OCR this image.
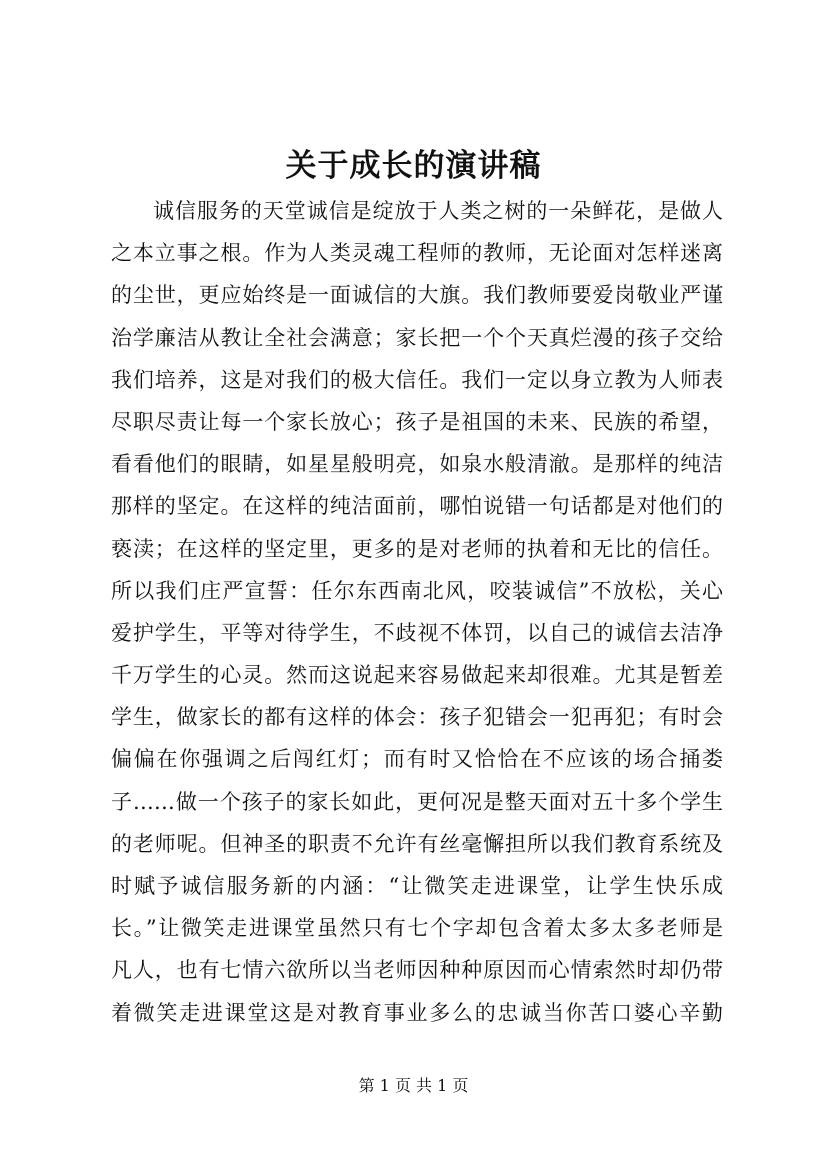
关于成长的演讲稿
诚信服务的天堂诚信是绽放于人类之树的一朵鲜花，是做人
之本立事之根。作为人类灵魂工程师的教师，无论面对怎样迷离
的尘世，更应始终是一面诚信的大旗。我们教师要爱岗敬业严谨
治学廉洁从教让全社会满意；家长把一个个天真烂漫的孩子交给
我们培养，这是对我们的极大信任。我们一定以身立教为人师表
尽职尽责让每一个家长放心；孩子是祖国的未来、民族的希望，
看看他们的眼睛，如星星般明亮，如泉水般清澈。是那样的纯洁
那样的坚定。在这样的纯洁面前，哪怕说错一句话都是对他们的
亵渎；在这样的坚定里，更多的是对老师的执着和无比的信任。
所以我们庄严宣誓：任尔东西南北风，咬装诚信”不放松，关心
爱护学生，平等对待学生，不歧视不体罚，以自己的诚信去洁净
千万学生的心灵。然而这说起来容易做起来却很难。尤其是暂差
学生，做家长的都有这样的体会：孩子犯错会一犯再犯；有时会
偏偏在你强调之后闯红灯；而有时又恰恰在不应该的场合捅娄
子……做一个孩子的家长如此，更何况是整天面对五十多个学生
的老师呢。但神圣的职责不允许有丝毫懈担所以我们教育系统及
时赋予诚信服务新的内涵：“让微笑走进课堂，让学生快乐成
长。”让微笑走进课堂虽然只有七个字却包含着太多太多老师是
凡人，也有七情六欲所以当老师因种种原因而心情索然时却仍带
着微笑走进课堂这是对教育事业多么的忠诚当你苦口婆心辛勤
第 1 页 共 1 页
